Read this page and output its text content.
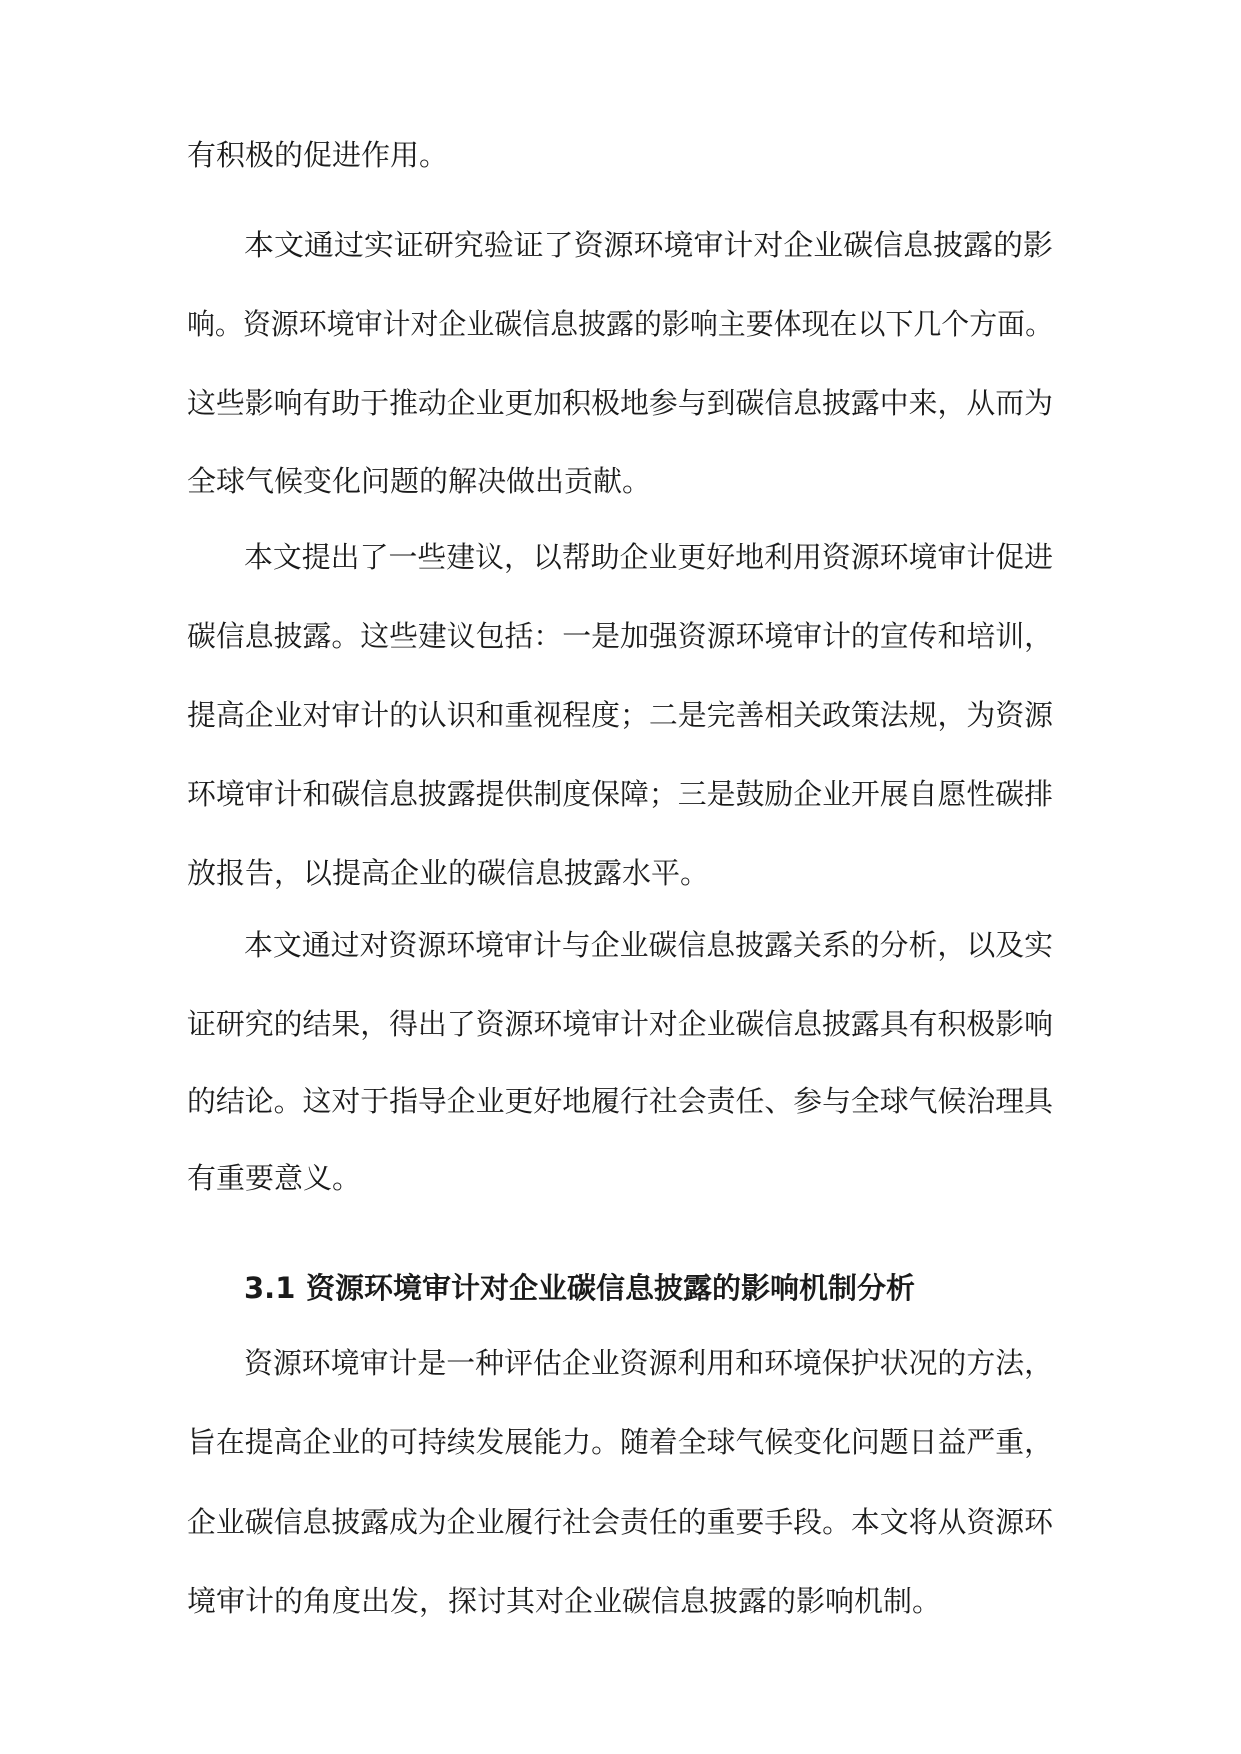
有积极的促进作用。
本文通过实证研究验证了资源环境审计对企业碳信息披露的影
响。资源环境审计对企业碳信息披露的影响主要体现在以下几个方面。
这些影响有助于推动企业更加积极地参与到碳信息披露中来，从而为
全球气候变化问题的解决做出贡献。
本文提出了一些建议，以帮助企业更好地利用资源环境审计促进
碳信息披露。这些建议包括：一是加强资源环境审计的宣传和培训，
提高企业对审计的认识和重视程度；二是完善相关政策法规，为资源
环境审计和碳信息披露提供制度保障；三是鼓励企业开展自愿性碳排
放报告，以提高企业的碳信息披露水平。
本文通过对资源环境审计与企业碳信息披露关系的分析，以及实
证研究的结果，得出了资源环境审计对企业碳信息披露具有积极影响
的结论。这对于指导企业更好地履行社会责任、参与全球气候治理具
有重要意义。
3.1 资源环境审计对企业碳信息披露的影响机制分析
资源环境审计是一种评估企业资源利用和环境保护状况的方法，
旨在提高企业的可持续发展能力。随着全球气候变化问题日益严重，
企业碳信息披露成为企业履行社会责任的重要手段。本文将从资源环
境审计的角度出发，探讨其对企业碳信息披露的影响机制。
